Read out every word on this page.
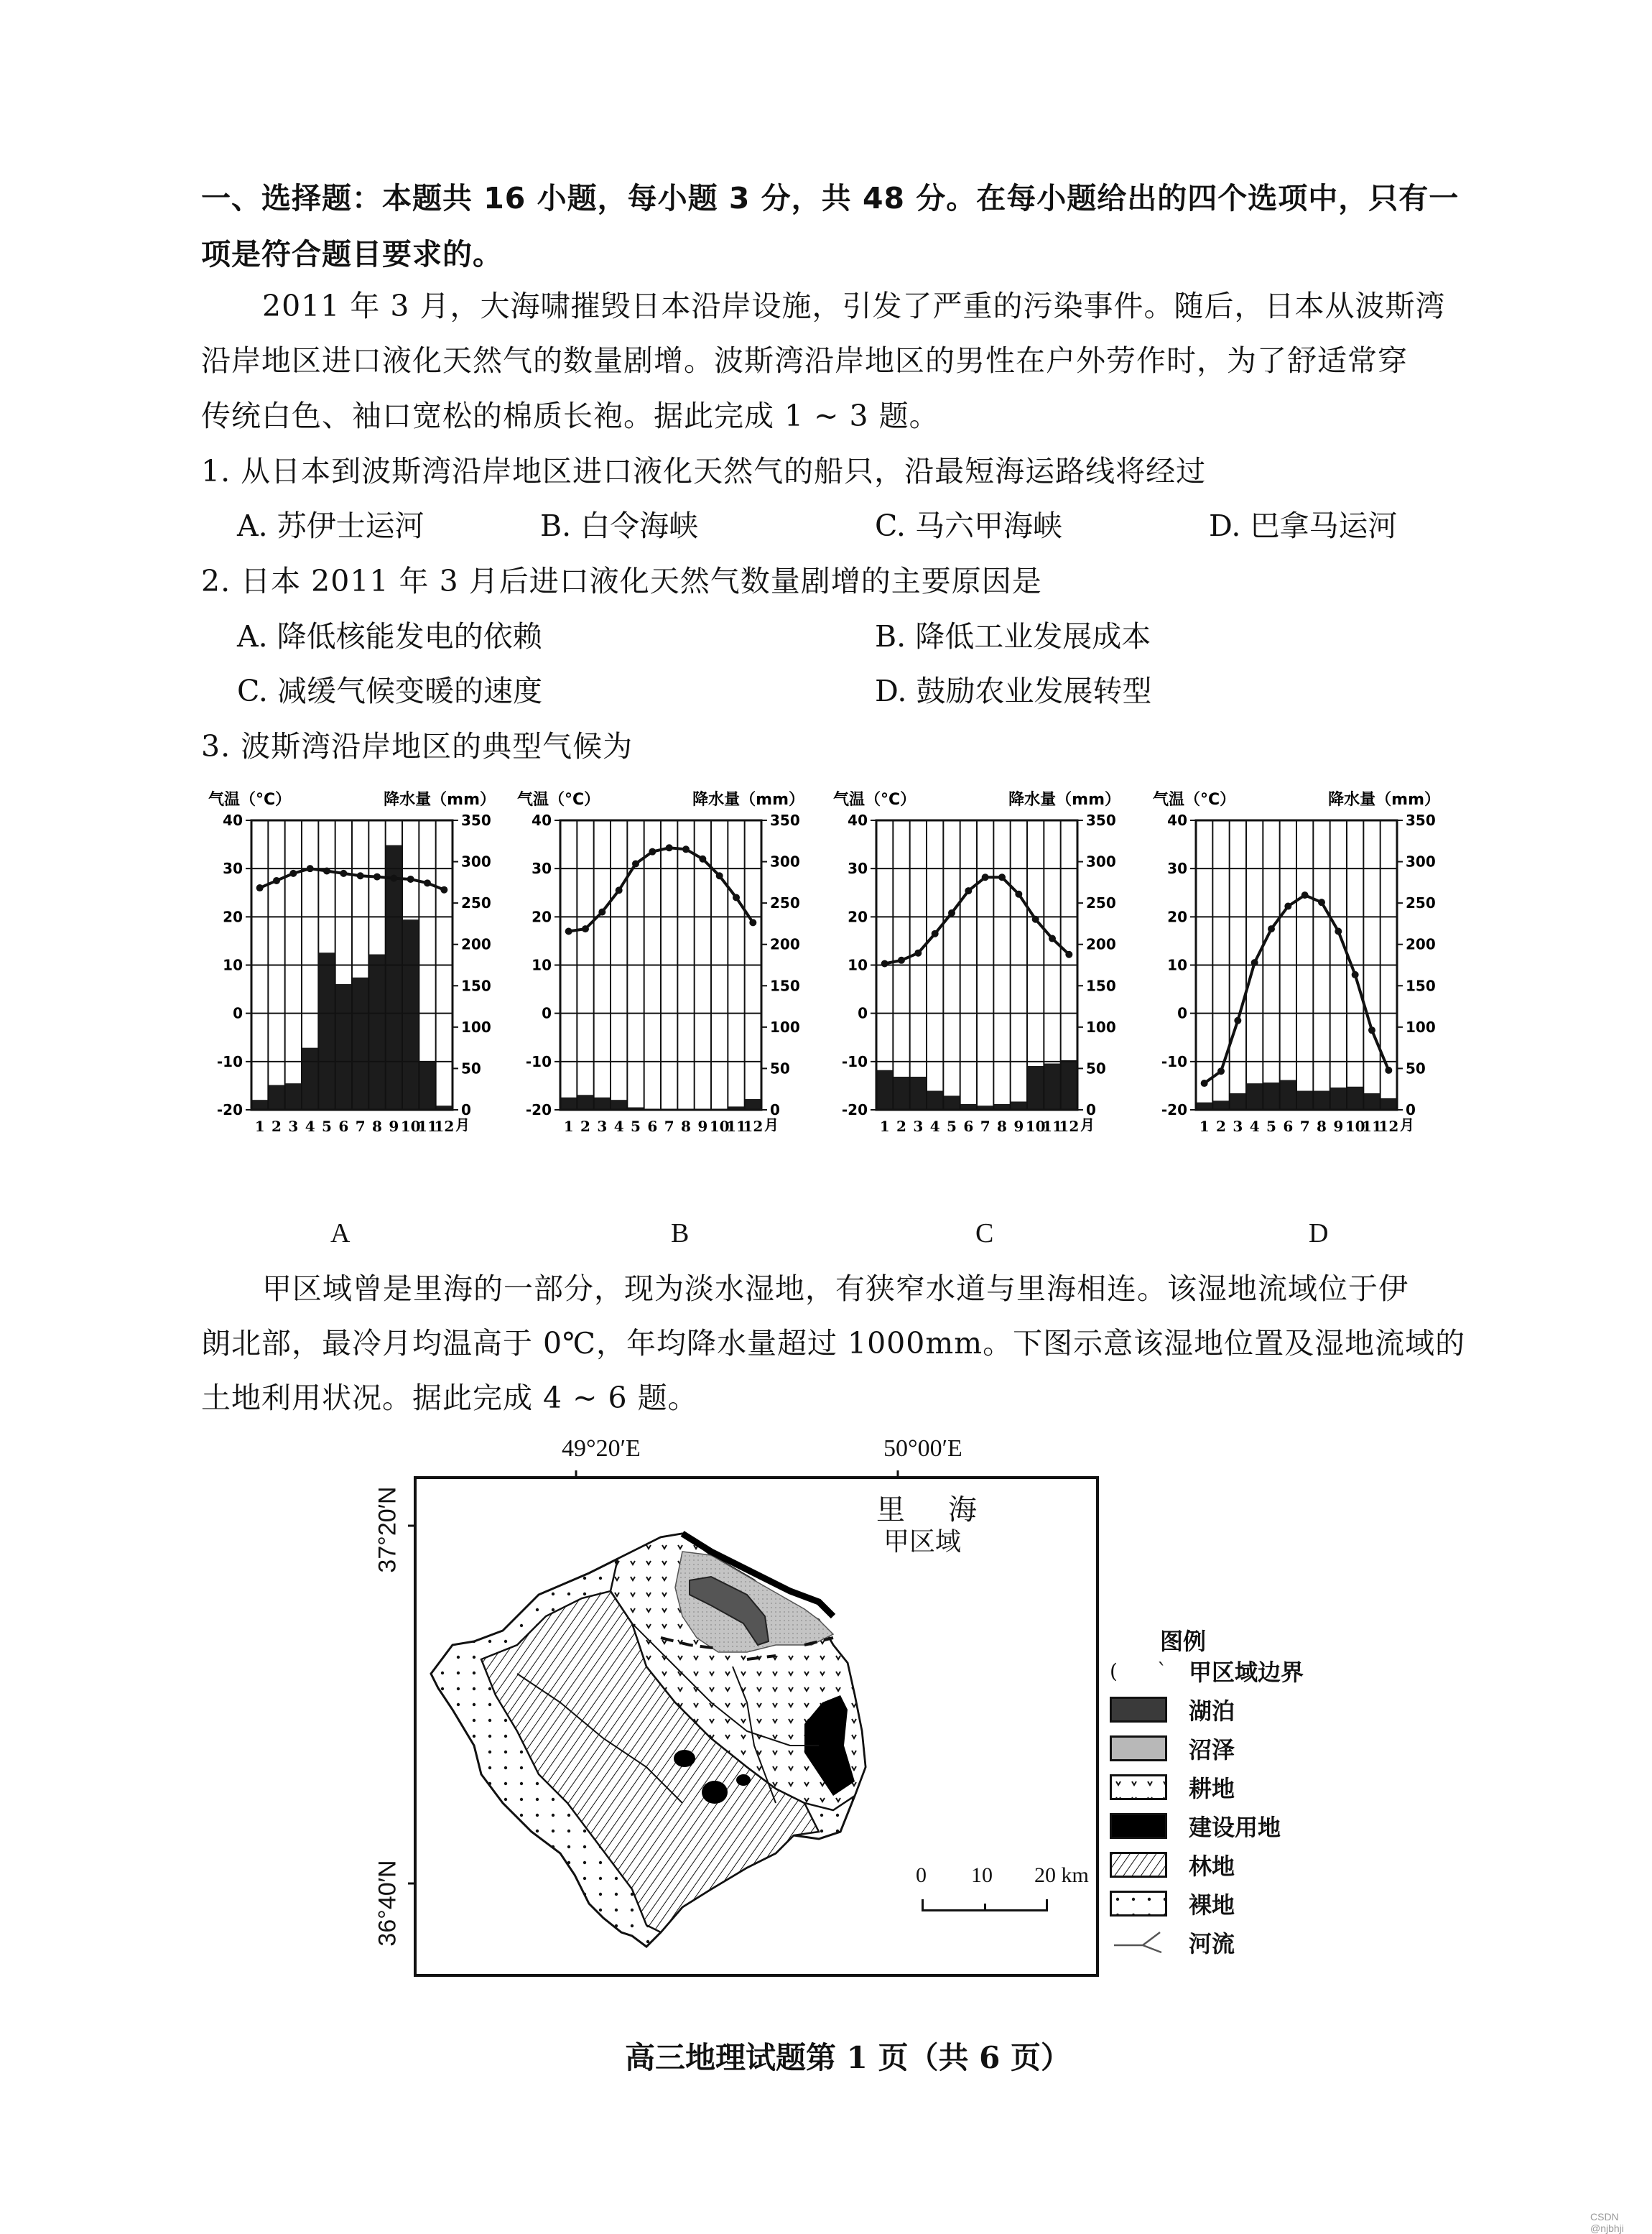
一、选择题：本题共 16 小题，每小题 3 分，共 48 分。在每小题给出的四个选项中，只有一
项是符合题目要求的。
2011 年 3 月，大海啸摧毁日本沿岸设施，引发了严重的污染事件。随后，日本从波斯湾
沿岸地区进口液化天然气的数量剧增。波斯湾沿岸地区的男性在户外劳作时，为了舒适常穿
传统白色、袖口宽松的棉质长袍。据此完成 1 ~ 3 题。
1. 从日本到波斯湾沿岸地区进口液化天然气的船只，沿最短海运路线将经过
A. 苏伊士运河	B. 白令海峡	C. 马六甲海峡	D. 巴拿马运河
2. 日本 2011 年 3 月后进口液化天然气数量剧增的主要原因是
A. 降低核能发电的依赖	B. 降低工业发展成本
C. 减缓气候变暖的速度	D. 鼓励农业发展转型
3. 波斯湾沿岸地区的典型气候为
气温（°C）	降水量（mm）
40
30
20
10
0
-10
-20
350
300
250
200
150
100
50
0
1 2 3 4 5 6 7 8 9 10
11
12 月
气温（°C）	降水量（mm）
40
30
20
10
0
-10
-20
350
300
250
200
150
100
50
0
1 2 3 4 5 6 7 8 9 10
11
12 月
气温（°C）	降水量（mm）
40
30
20
10
0
-10
-20
350
300
250
200
150
100
50
0
1 2 3 4 5 6 7 8 9 10
11
12 月
气温（°C）	降水量（mm）
40
30
20
10
0
-10
-20
350
300
250
200
150
100
50
0
1 2 3 4 5 6 7 8 9 10
11
12 月
A	B	C	D
甲区域曾是里海的一部分，现为淡水湿地，有狭窄水道与里海相连。该湿地流域位于伊
朗北部，最冷月均温高于 0℃，年均降水量超过 1000mm。下图示意该湿地位置及湿地流域的
土地利用状况。据此完成 4 ~ 6 题。
49°20′E	50°00′E
37°20′N
36°40′N
里 海
甲区域
0 10 20 km
图例
( ` 甲区域边界
湖泊
沼泽
耕地
建设用地
林地
裸地
河流
高三地理试题第 1 页（共 6 页）
CSDN @njbhji
